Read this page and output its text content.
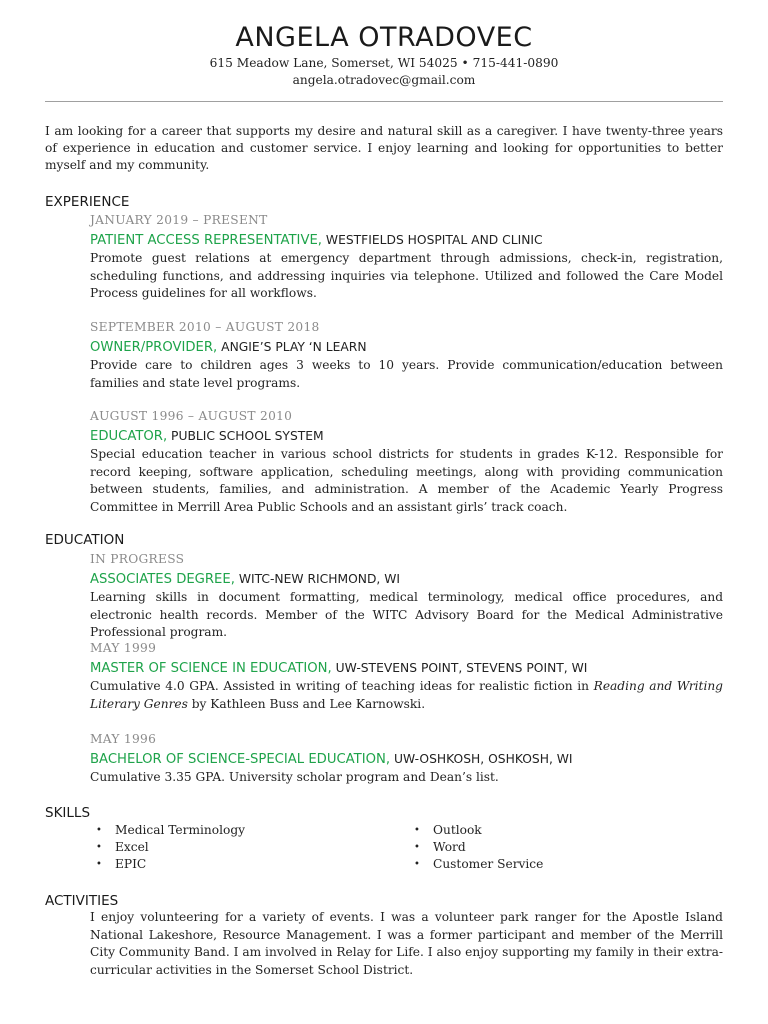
ANGELA OTRADOVEC
615 Meadow Lane, Somerset, WI 54025 • 715-441-0890
angela.otradovec@gmail.com
I am looking for a career that supports my desire and natural skill as a caregiver. I have twenty-three years of experience in education and customer service. I enjoy learning and looking for opportunities to better myself and my community.
EXPERIENCE
JANUARY 2019 – PRESENT
PATIENT ACCESS REPRESENTATIVE, WESTFIELDS HOSPITAL AND CLINIC
Promote guest relations at emergency department through admissions, check-in, registration, scheduling functions, and addressing inquiries via telephone. Utilized and followed the Care Model Process guidelines for all workflows.
SEPTEMBER 2010 – AUGUST 2018
OWNER/PROVIDER, ANGIE’S PLAY ‘N LEARN
Provide care to children ages 3 weeks to 10 years. Provide communication/education between families and state level programs.
AUGUST 1996 – AUGUST 2010
EDUCATOR, PUBLIC SCHOOL SYSTEM
Special education teacher in various school districts for students in grades K-12. Responsible for record keeping, software application, scheduling meetings, along with providing communication between students, families, and administration. A member of the Academic Yearly Progress Committee in Merrill Area Public Schools and an assistant girls’ track coach.
EDUCATION
IN PROGRESS
ASSOCIATES DEGREE, WITC-NEW RICHMOND, WI
Learning skills in document formatting, medical terminology, medical office procedures, and electronic health records. Member of the WITC Advisory Board for the Medical Administrative Professional program.
MAY 1999
MASTER OF SCIENCE IN EDUCATION, UW-STEVENS POINT, STEVENS POINT, WI
Cumulative 4.0 GPA. Assisted in writing of teaching ideas for realistic fiction in Reading and Writing Literary Genres by Kathleen Buss and Lee Karnowski.
MAY 1996
BACHELOR OF SCIENCE-SPECIAL EDUCATION, UW-OSHKOSH, OSHKOSH, WI
Cumulative 3.35 GPA. University scholar program and Dean’s list.
SKILLS
• Medical Terminology
• Excel
• EPIC
• Outlook
• Word
• Customer Service
ACTIVITIES
I enjoy volunteering for a variety of events. I was a volunteer park ranger for the Apostle Island National Lakeshore, Resource Management. I was a former participant and member of the Merrill City Community Band. I am involved in Relay for Life. I also enjoy supporting my family in their extra-curricular activities in the Somerset School District.
